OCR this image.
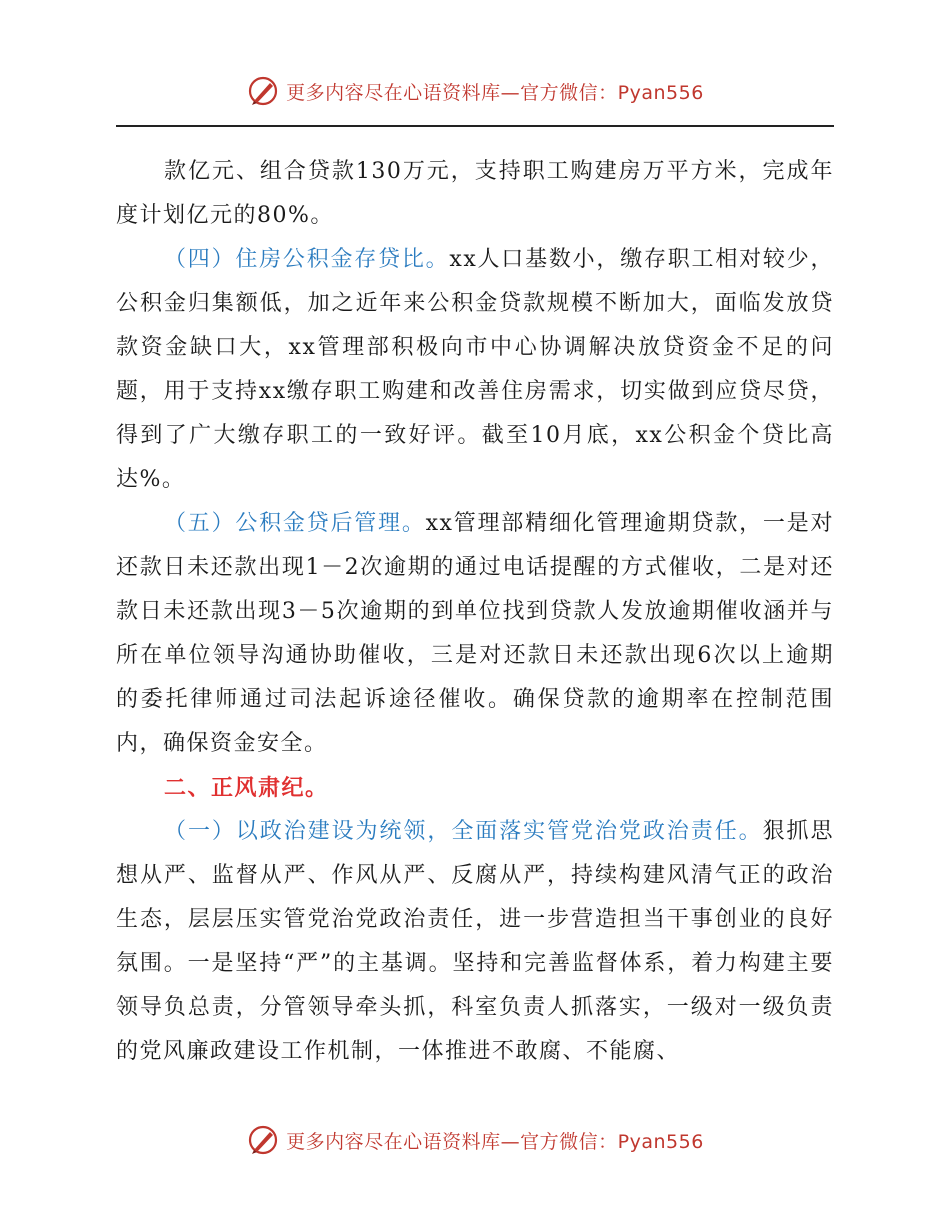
更多内容尽在心语资料库—官方微信：Pyan556

款亿元、组合贷款130万元，支持职工购建房万平方米，完成年度计划亿元的80%。

（四）住房公积金存贷比。xx人口基数小，缴存职工相对较少，公积金归集额低，加之近年来公积金贷款规模不断加大，面临发放贷款资金缺口大，xx管理部积极向市中心协调解决放贷资金不足的问题，用于支持xx缴存职工购建和改善住房需求，切实做到应贷尽贷，得到了广大缴存职工的一致好评。截至10月底，xx公积金个贷比高达%。

（五）公积金贷后管理。xx管理部精细化管理逾期贷款，一是对还款日未还款出现1－2次逾期的通过电话提醒的方式催收，二是对还款日未还款出现3－5次逾期的到单位找到贷款人发放逾期催收涵并与所在单位领导沟通协助催收，三是对还款日未还款出现6次以上逾期的委托律师通过司法起诉途径催收。确保贷款的逾期率在控制范围内，确保资金安全。

二、正风肃纪。

（一）以政治建设为统领，全面落实管党治党政治责任。狠抓思想从严、监督从严、作风从严、反腐从严，持续构建风清气正的政治生态，层层压实管党治党政治责任，进一步营造担当干事创业的良好氛围。一是坚持“严”的主基调。坚持和完善监督体系，着力构建主要领导负总责，分管领导牵头抓，科室负责人抓落实，一级对一级负责的党风廉政建设工作机制，一体推进不敢腐、不能腐、

更多内容尽在心语资料库—官方微信：Pyan556
